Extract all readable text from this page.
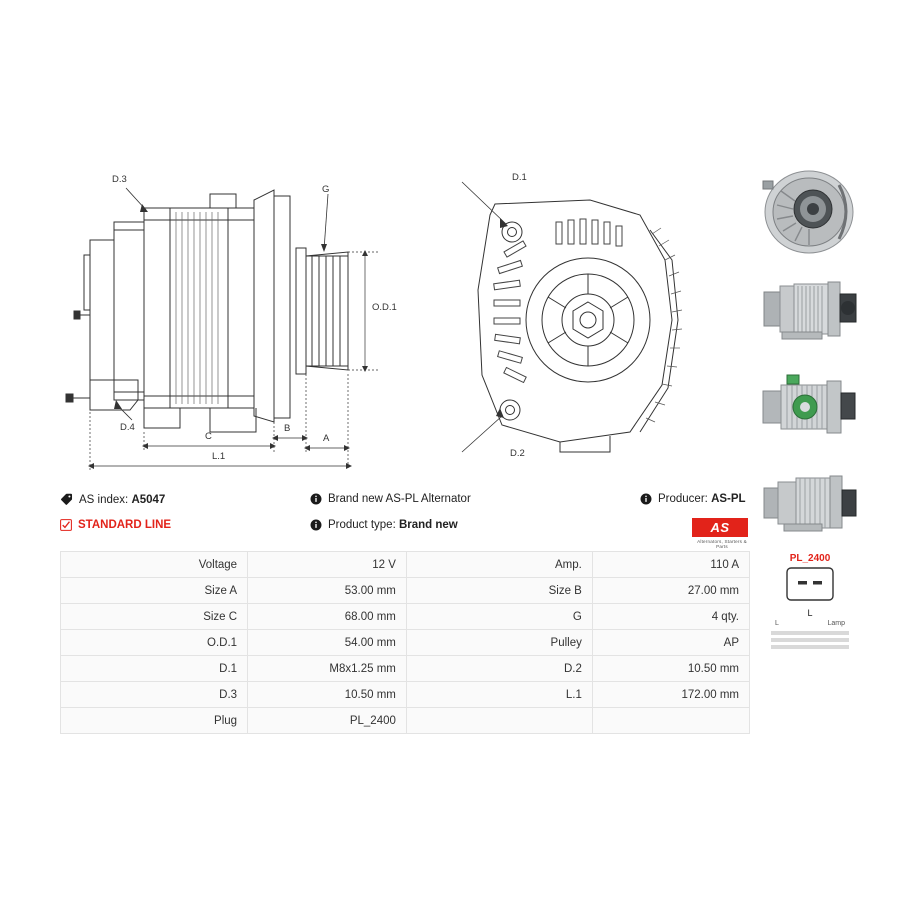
D.3
G
O.D.1
D.4
C
B
A
L.1
D.1
D.2
PL_2400
L
L	Lamp
AS index: A5047	Brand new AS-PL Alternator	Producer: AS-PL
STANDARD LINE	Product type: Brand new	AS
Alternators, Starters & Parts
Voltage	12 V	Amp.	110 A
Size A	53.00 mm	Size B	27.00 mm
Size C	68.00 mm	G	4 qty.
O.D.1	54.00 mm	Pulley	AP
D.1	M8x1.25 mm	D.2	10.50 mm
D.3	10.50 mm	L.1	172.00 mm
Plug	PL_2400		
